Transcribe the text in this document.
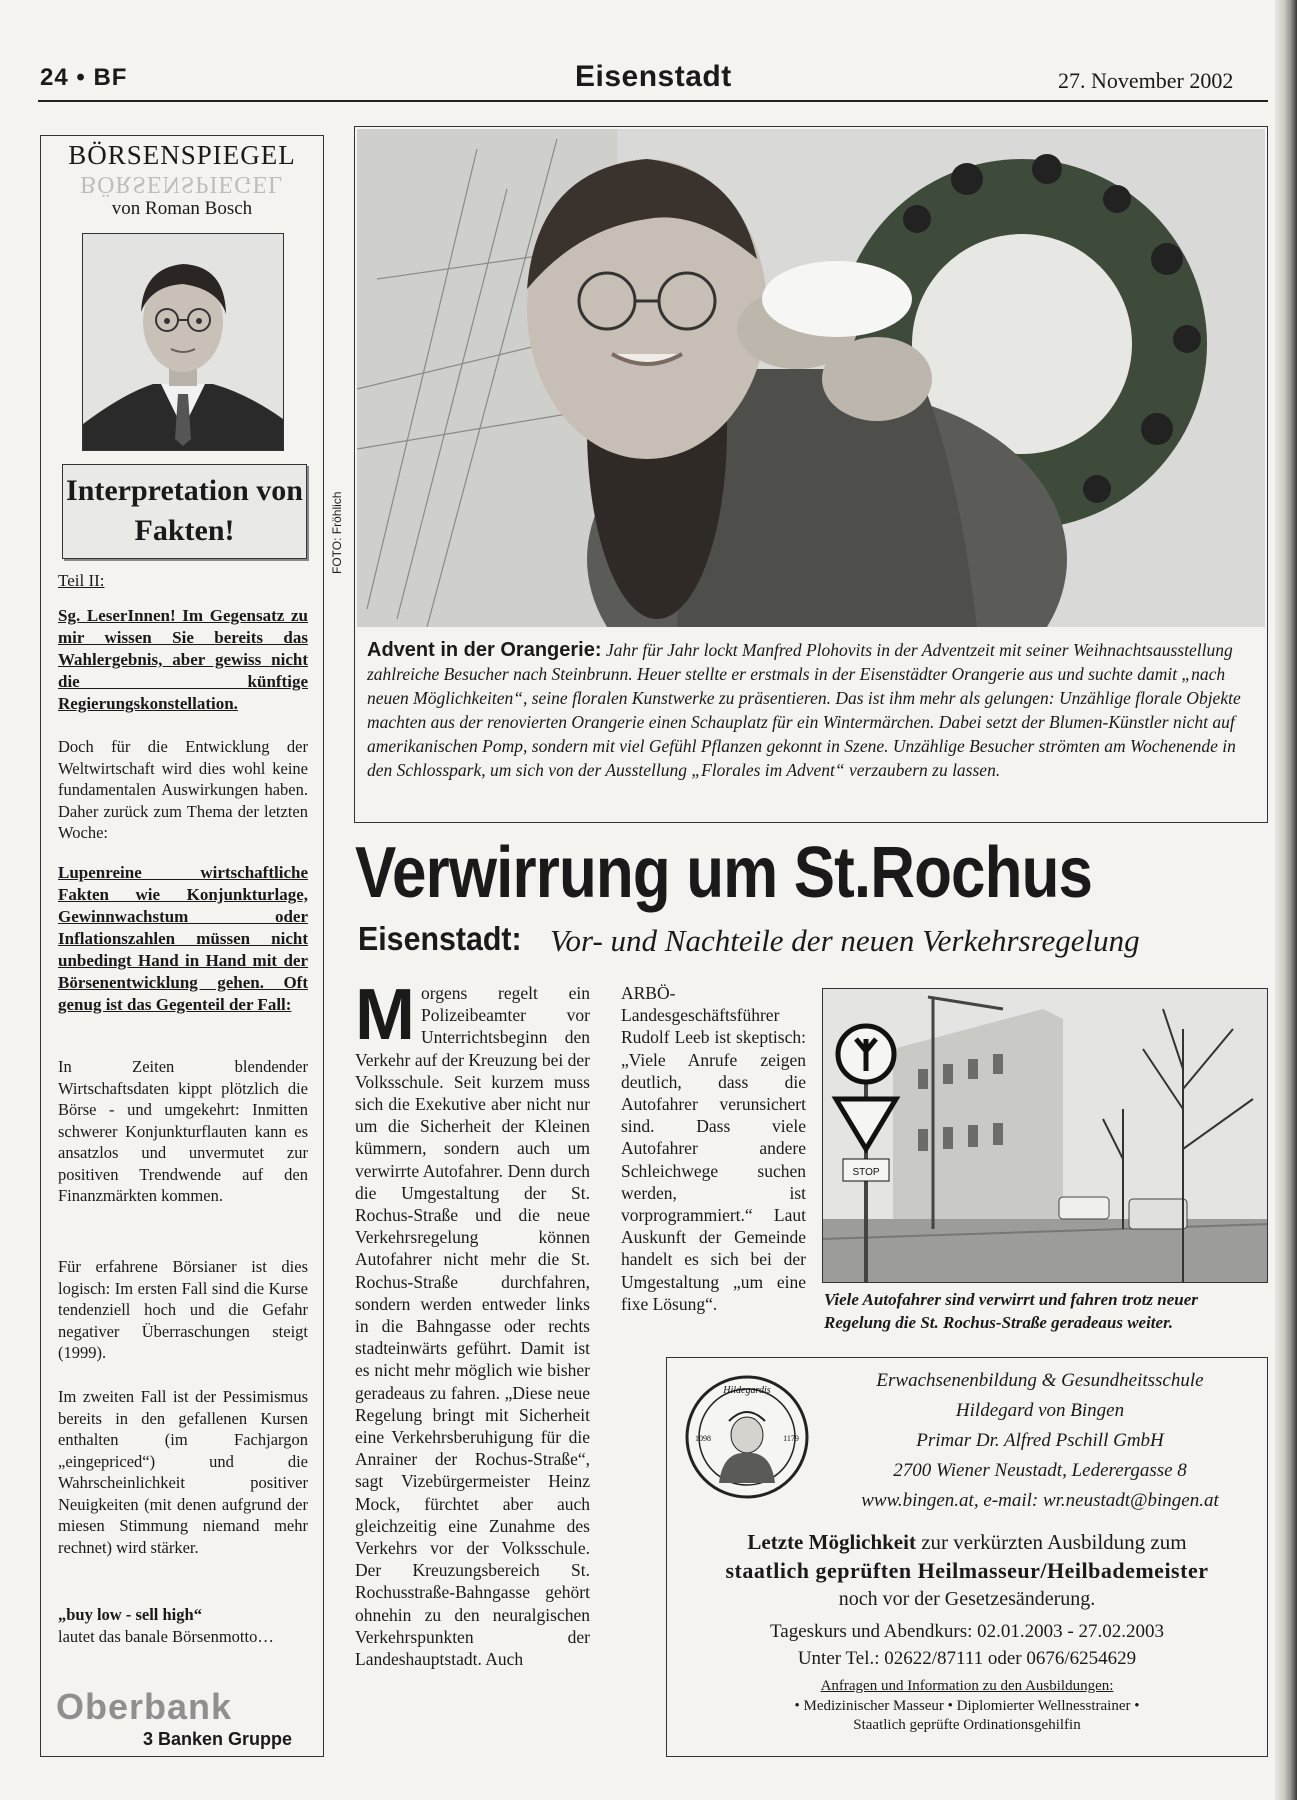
24 • BF	Eisenstadt	27. November 2002
BÖRSENSPIEGEL
BÖRSENSPIEGEL
von Roman Bosch
Interpretation von Fakten!
Teil II:
Sg. LeserInnen! Im Gegensatz zu mir wissen Sie bereits das Wahlergebnis, aber gewiss nicht die künftige Regierungskonstellation.
Doch für die Entwicklung der Weltwirtschaft wird dies wohl keine fundamentalen Auswirkungen haben. Daher zurück zum Thema der letzten Woche:
Lupenreine wirtschaftliche Fakten wie Konjunkturlage, Gewinnwachstum oder Inflationszahlen müssen nicht unbedingt Hand in Hand mit der Börsenentwicklung gehen. Oft genug ist das Gegenteil der Fall:
In Zeiten blendender Wirtschaftsdaten kippt plötzlich die Börse - und umgekehrt: Inmitten schwerer Konjunkturflauten kann es ansatzlos und unvermutet zur positiven Trendwende auf den Finanzmärkten kommen.
Für erfahrene Börsianer ist dies logisch: Im ersten Fall sind die Kurse tendenziell hoch und die Gefahr negativer Überraschungen steigt (1999).
Im zweiten Fall ist der Pessimismus bereits in den gefallenen Kursen enthalten (im Fachjargon „eingepriced“) und die Wahrscheinlichkeit positiver Neuigkeiten (mit denen aufgrund der miesen Stimmung niemand mehr rechnet) wird stärker.
„buy low - sell high“
lautet das banale Börsenmotto…
Oberbank
3 Banken Gruppe
FOTO: Fröhlich
Advent in der Orangerie: Jahr für Jahr lockt Manfred Plohovits in der Adventzeit mit seiner Weihnachtsausstellung zahlreiche Besucher nach Steinbrunn. Heuer stellte er erstmals in der Eisenstädter Orangerie aus und suchte damit „nach neuen Möglichkeiten“, seine floralen Kunstwerke zu präsentieren. Das ist ihm mehr als gelungen: Unzählige florale Objekte machten aus der renovierten Orangerie einen Schauplatz für ein Wintermärchen. Dabei setzt der Blumen-Künstler nicht auf amerikanischen Pomp, sondern mit viel Gefühl Pflanzen gekonnt in Szene. Unzählige Besucher strömten am Wochenende in den Schlosspark, um sich von der Ausstellung „Florales im Advent“ verzaubern zu lassen.
Verwirrung um St.Rochus
Eisenstadt: Vor- und Nachteile der neuen Verkehrsregelung
Morgens regelt ein Polizeibeamter vor Unterrichtsbeginn den Verkehr auf der Kreuzung bei der Volksschule. Seit kurzem muss sich die Exekutive aber nicht nur um die Sicherheit der Kleinen kümmern, sondern auch um verwirrte Autofahrer. Denn durch die Umgestaltung der St. Rochus-Straße und die neue Verkehrsregelung können Autofahrer nicht mehr die St. Rochus-Straße durchfahren, sondern werden entweder links in die Bahngasse oder rechts stadteinwärts geführt. Damit ist es nicht mehr möglich wie bisher geradeaus zu fahren. „Diese neue Regelung bringt mit Sicherheit eine Verkehrsberuhigung für die Anrainer der Rochus-Straße“, sagt Vizebürgermeister Heinz Mock, fürchtet aber auch gleichzeitig eine Zunahme des Verkehrs vor der Volksschule. Der Kreuzungsbereich St. Rochusstraße-Bahngasse gehört ohnehin zu den neuralgischen Verkehrspunkten der Landeshauptstadt. Auch
ARBÖ-Landesgeschäftsführer Rudolf Leeb ist skeptisch: „Viele Anrufe zeigen deutlich, dass die Autofahrer verunsichert sind. Dass viele Autofahrer andere Schleichwege suchen werden, ist vorprogrammiert.“ Laut Auskunft der Gemeinde handelt es sich bei der Umgestaltung „um eine fixe Lösung“.
STOP
Viele Autofahrer sind verwirrt und fahren trotz neuer Regelung die St. Rochus-Straße geradeaus weiter.
Hildegardis
1098	1179
Erwachsenenbildung & Gesundheitsschule
Hildegard von Bingen
Primar Dr. Alfred Pschill GmbH
2700 Wiener Neustadt, Lederergasse 8
www.bingen.at, e-mail: wr.neustadt@bingen.at
Letzte Möglichkeit zur verkürzten Ausbildung zum
staatlich geprüften Heilmasseur/Heilbademeister
noch vor der Gesetzesänderung.
Tageskurs und Abendkurs: 02.01.2003 - 27.02.2003
Unter Tel.: 02622/87111 oder 0676/6254629
Anfragen und Information zu den Ausbildungen:
• Medizinischer Masseur • Diplomierter Wellnesstrainer •
Staatlich geprüfte Ordinationsgehilfin
